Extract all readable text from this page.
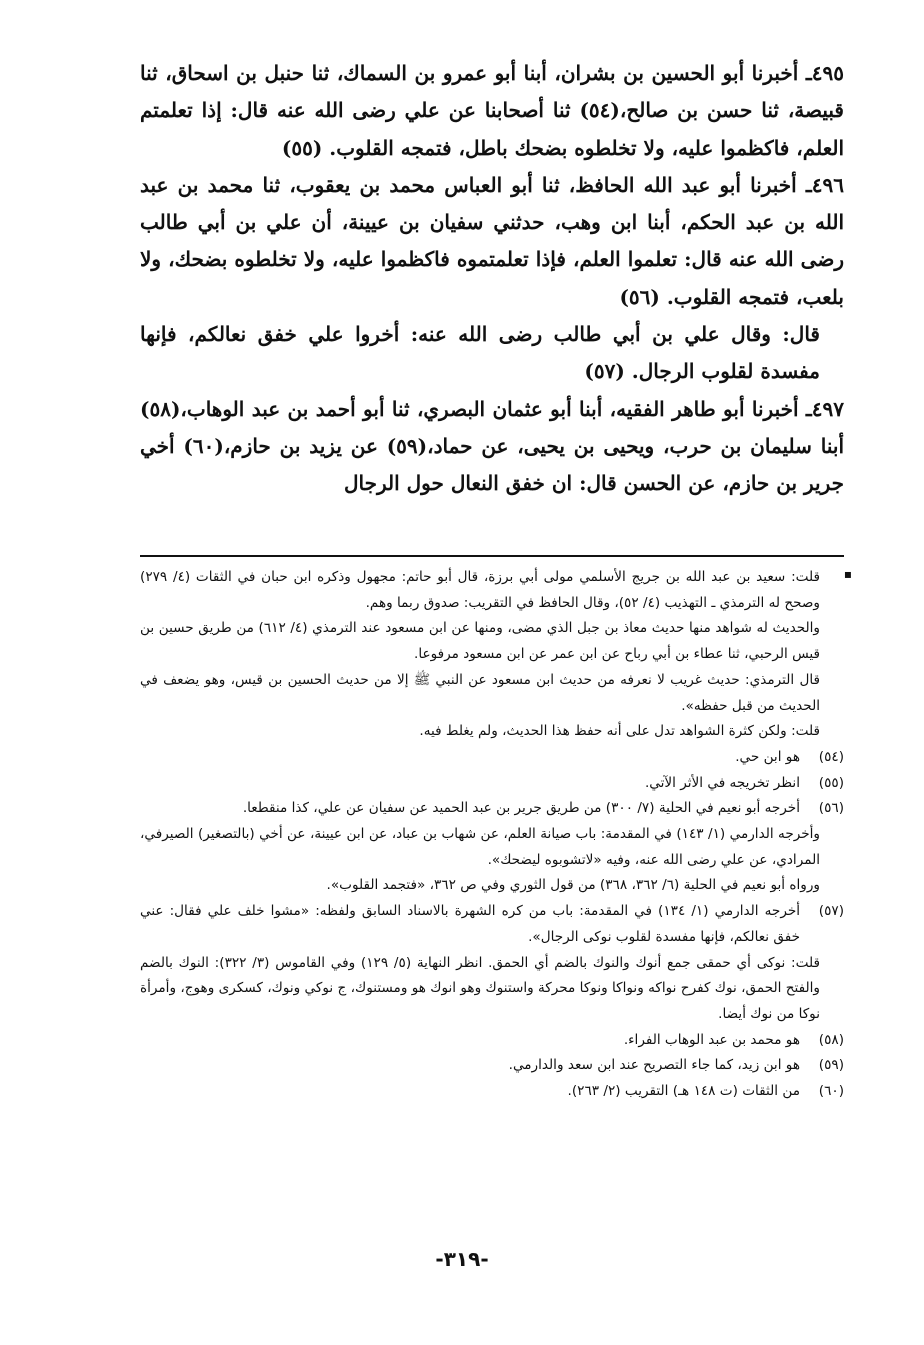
٤٩٥ـ أخبرنا أبو الحسين بن بشران، أبنا أبو عمرو بن السماك، ثنا حنبل بن اسحاق، ثنا قبيصة، ثنا حسن بن صالح،(٥٤) ثنا أصحابنا عن علي رضى الله عنه قال: إذا تعلمتم العلم، فاكظموا عليه، ولا تخلطوه بضحك باطل، فتمجه القلوب. (٥٥)

٤٩٦ـ أخبرنا أبو عبد الله الحافظ، ثنا أبو العباس محمد بن يعقوب، ثنا محمد بن عبد الله بن عبد الحكم، أبنا ابن وهب، حدثني سفيان بن عيينة، أن علي بن أبي طالب رضى الله عنه قال: تعلموا العلم، فإذا تعلمتموه فاكظموا عليه، ولا تخلطوه بضحك، ولا بلعب، فتمجه القلوب. (٥٦)

قال: وقال علي بن أبي طالب رضى الله عنه: أخروا علي خفق نعالكم، فإنها مفسدة لقلوب الرجال. (٥٧)

٤٩٧ـ أخبرنا أبو طاهر الفقيه، أبنا أبو عثمان البصري، ثنا أبو أحمد بن عبد الوهاب،(٥٨) أبنا سليمان بن حرب، ويحيى بن يحيى، عن حماد،(٥٩) عن يزيد بن حازم،(٦٠) أخي جرير بن حازم، عن الحسن قال: ان خفق النعال حول الرجال

▪

قلت: سعيد بن عبد الله بن جريج الأسلمي مولى أبي برزة، قال أبو حاتم: مجهول وذكره ابن حبان في الثقات (٤/ ٢٧٩) وصحح له الترمذي ـ التهذيب (٤/ ٥٢)، وقال الحافظ في التقريب: صدوق ربما وهم.

والحديث له شواهد منها حديث معاذ بن جبل الذي مضى، ومنها عن ابن مسعود عند الترمذي (٤/ ٦١٢) من طريق حسين بن قيس الرحبي، ثنا عطاء بن أبي رباح عن ابن عمر عن ابن مسعود مرفوعا.

قال الترمذي: حديث غريب لا نعرفه من حديث ابن مسعود عن النبي ﷺ إلا من حديث الحسين بن قيس، وهو يضعف في الحديث من قبل حفظه».

قلت: ولكن كثرة الشواهد تدل على أنه حفظ هذا الحديث، ولم يغلط فيه.

(٥٤)
هو ابن حي.

(٥٥)
انظر تخريجه في الأثر الآتي.

(٥٦)
أخرجه أبو نعيم في الحلية (٧/ ٣٠٠) من طريق جرير بن عبد الحميد عن سفيان عن علي، كذا منقطعا.

وأخرجه الدارمي (١/ ١٤٣) في المقدمة: باب صيانة العلم، عن شهاب بن عباد، عن ابن عيينة، عن أخي (بالتصغير) الصيرفي، المرادي، عن علي رضى الله عنه، وفيه «لاتشوبوه ليضحك».

ورواه أبو نعيم في الحلية (٦/ ٣٦٢، ٣٦٨) من قول الثوري وفي ص ٣٦٢، «فتجمد القلوب».

(٥٧)
أخرجه الدارمي (١/ ١٣٤) في المقدمة: باب من كره الشهرة بالاسناد السابق ولفظه: «مشوا خلف علي فقال: عني خفق نعالكم، فإنها مفسدة لقلوب نوكى الرجال».

قلت: نوكى أي حمقى جمع أنوك والنوك بالضم أي الحمق. انظر النهاية (٥/ ١٢٩) وفي القاموس (٣/ ٣٢٢): النوك بالضم والفتح الحمق، نوك كفرح نواكه ونواكا ونوكا محركة واستنوك وهو انوك هو ومستنوك، ج نوكي ونوك، كسكرى وهوج، وأمرأة نوكا من نوك أيضا.

(٥٨)
هو محمد بن عبد الوهاب الفراء.

(٥٩)
هو ابن زيد، كما جاء التصريح عند ابن سعد والدارمي.

(٦٠)
من الثقات (ت ١٤٨ هـ) التقريب (٢/ ٢٦٣).

-٣١٩-
